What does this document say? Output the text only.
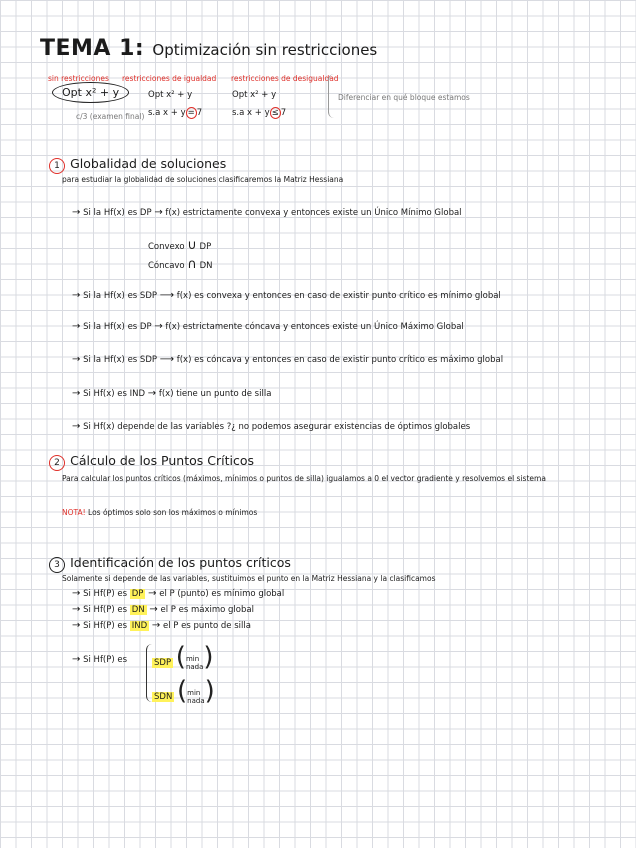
TEMA 1: Optimización sin restricciones
sin restricciones restricciones de igualdad restricciones de desigualdad
Opt x² + y	Opt x² + y	Opt x² + y
c/3 (examen final) s.a x + y = 7	s.a x + y ≤ 7
Diferenciar en qué bloque estamos
1 Globalidad de soluciones
para estudiar la globalidad de soluciones clasificaremos la Matriz Hessiana
→ Si la Hf(x) es DP → f(x) estrictamente convexa y entonces existe un Único Mínimo Global
Convexo ∪ DP
Cóncavo ∩ DN
→ Si la Hf(x) es SDP ⟶ f(x) es convexa y entonces en caso de existir punto crítico es mínimo global
→ Si la Hf(x) es DP → f(x) estrictamente cóncava y entonces existe un Único Máximo Global
→ Si la Hf(x) es SDP ⟶ f(x) es cóncava y entonces en caso de existir punto crítico es máximo global
→ Si Hf(x) es IND → f(x) tiene un punto de silla
→ Si Hf(x) depende de las variables ?¿ no podemos asegurar existencias de óptimos globales
2 Cálculo de los Puntos Críticos
Para calcular los puntos críticos (máximos, mínimos o puntos de silla) igualamos a 0 el vector gradiente y resolvemos el sistema
NOTA! Los óptimos solo son los máximos o mínimos
3 Identificación de los puntos críticos
Solamente si depende de las variables, sustituimos el punto en la Matriz Hessiana y la clasificamos
→ Si Hf(P) es DP → el P (punto) es mínimo global
→ Si Hf(P) es DN → el P es máximo global
→ Si Hf(P) es IND → el P es punto de silla
→ Si Hf(P) es	SDP (min
nada)
SDN (min
nada)
